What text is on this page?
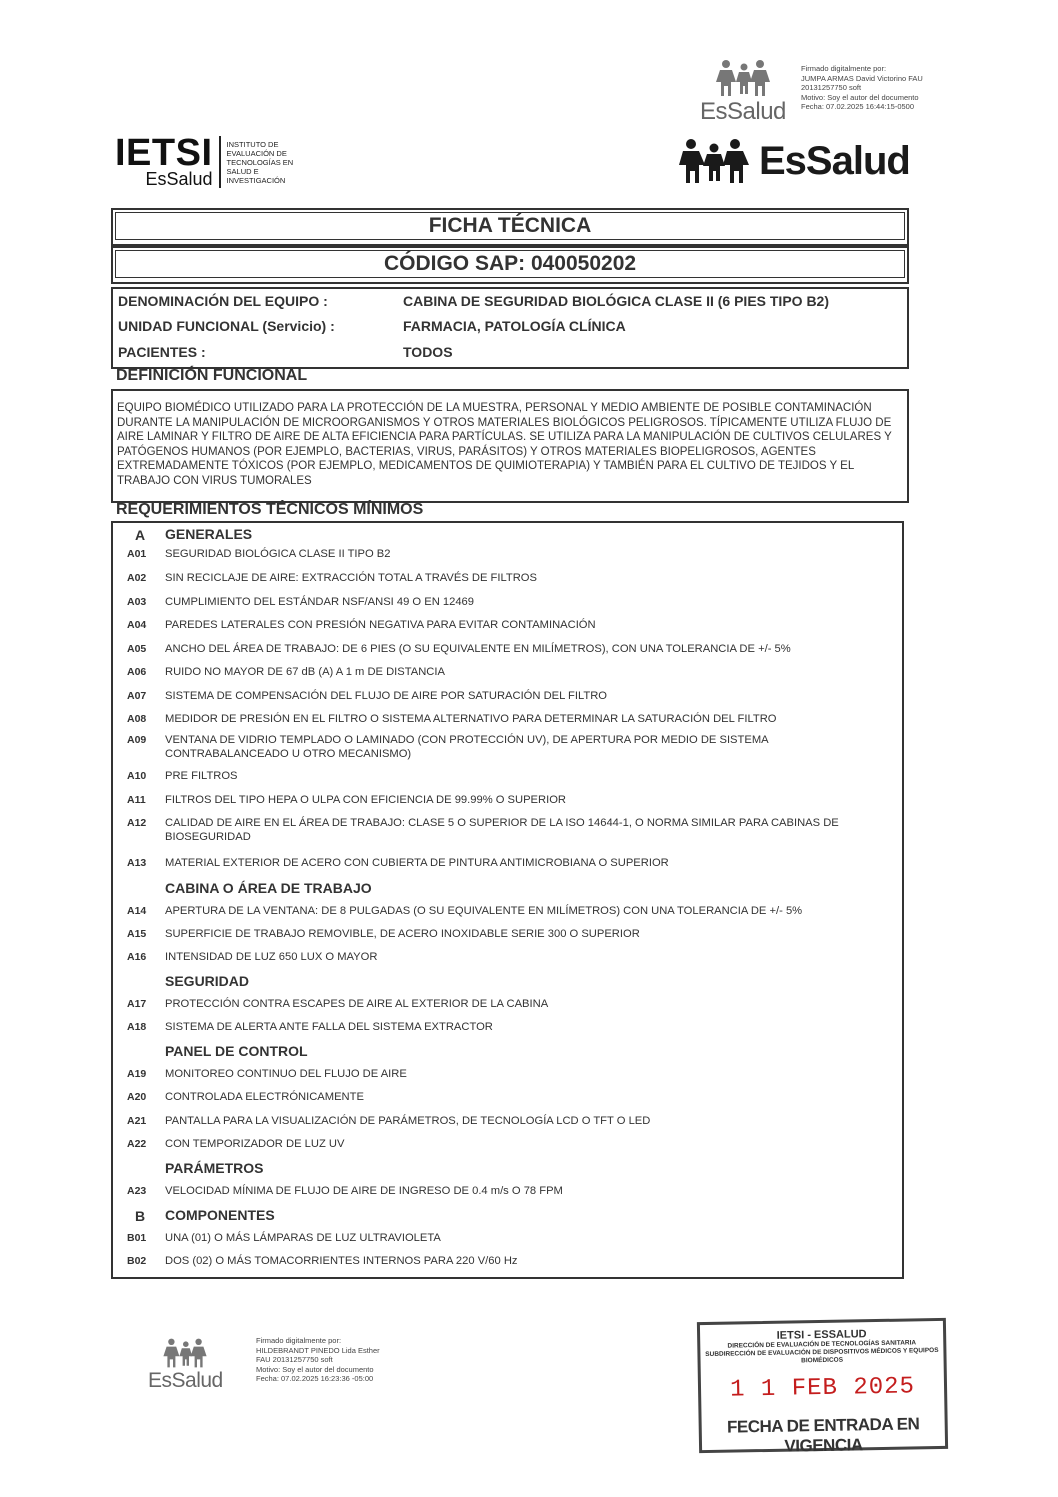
EsSalud
Firmado digitalmente por:
JUMPA ARMAS David Victorino FAU
20131257750 soft
Motivo: Soy el autor del documento
Fecha: 07.02.2025 16:44:15-0500
IETSI
EsSalud
INSTITUTO DE EVALUACIÓN DE TECNOLOGÍAS EN SALUD E INVESTIGACIÓN	EsSalud
FICHA TÉCNICA
CÓDIGO SAP: 040050202
DENOMINACIÓN DEL EQUIPO :	CABINA DE SEGURIDAD BIOLÓGICA CLASE II (6 PIES TIPO B2)
UNIDAD FUNCIONAL (Servicio) :	FARMACIA, PATOLOGÍA CLÍNICA
PACIENTES :	TODOS
DEFINICIÓN FUNCIONAL
EQUIPO BIOMÉDICO UTILIZADO PARA LA PROTECCIÓN DE LA MUESTRA, PERSONAL Y MEDIO AMBIENTE DE POSIBLE CONTAMINACIÓN DURANTE LA MANIPULACIÓN DE MICROORGANISMOS Y OTROS MATERIALES BIOLÓGICOS PELIGROSOS. TÍPICAMENTE UTILIZA FLUJO DE AIRE LAMINAR Y FILTRO DE AIRE DE ALTA EFICIENCIA PARA PARTÍCULAS. SE UTILIZA PARA LA MANIPULACIÓN DE CULTIVOS CELULARES Y PATÓGENOS HUMANOS (POR EJEMPLO, BACTERIAS, VIRUS, PARÁSITOS) Y OTROS MATERIALES BIOPELIGROSOS, AGENTES EXTREMADAMENTE TÓXICOS (POR EJEMPLO, MEDICAMENTOS DE QUIMIOTERAPIA) Y TAMBIÉN PARA EL CULTIVO DE TEJIDOS Y EL TRABAJO CON VIRUS TUMORALES
REQUERIMIENTOS TÉCNICOS MÍNIMOS
A GENERALES
A01	SEGURIDAD BIOLÓGICA CLASE II TIPO B2
A02	SIN RECICLAJE DE AIRE: EXTRACCIÓN TOTAL A TRAVÉS DE FILTROS
A03	CUMPLIMIENTO DEL ESTÁNDAR NSF/ANSI 49 O EN 12469
A04	PAREDES LATERALES CON PRESIÓN NEGATIVA PARA EVITAR CONTAMINACIÓN
A05	ANCHO DEL ÁREA DE TRABAJO: DE 6 PIES (O SU EQUIVALENTE EN MILÍMETROS), CON UNA TOLERANCIA DE +/- 5%
A06	RUIDO NO MAYOR DE 67 dB (A) A 1 m DE DISTANCIA
A07	SISTEMA DE COMPENSACIÓN DEL FLUJO DE AIRE POR SATURACIÓN DEL FILTRO
A08	MEDIDOR DE PRESIÓN EN EL FILTRO O SISTEMA ALTERNATIVO PARA DETERMINAR LA SATURACIÓN DEL FILTRO
A09	VENTANA DE VIDRIO TEMPLADO O LAMINADO (CON PROTECCIÓN UV), DE APERTURA POR MEDIO DE SISTEMA CONTRABALANCEADO U OTRO MECANISMO)
A10	PRE FILTROS
A11	FILTROS DEL TIPO HEPA O ULPA CON EFICIENCIA DE 99.99% O SUPERIOR
A12	CALIDAD DE AIRE EN EL ÁREA DE TRABAJO: CLASE 5 O SUPERIOR DE LA ISO 14644-1, O NORMA SIMILAR PARA CABINAS DE BIOSEGURIDAD
A13	MATERIAL EXTERIOR DE ACERO CON CUBIERTA DE PINTURA ANTIMICROBIANA O SUPERIOR
CABINA O ÁREA DE TRABAJO
A14	APERTURA DE LA VENTANA: DE 8 PULGADAS (O SU EQUIVALENTE EN MILÍMETROS) CON UNA TOLERANCIA DE +/- 5%
A15	SUPERFICIE DE TRABAJO REMOVIBLE, DE ACERO INOXIDABLE SERIE 300 O SUPERIOR
A16	INTENSIDAD DE LUZ 650 LUX O MAYOR
SEGURIDAD
A17	PROTECCIÓN CONTRA ESCAPES DE AIRE AL EXTERIOR DE LA CABINA
A18	SISTEMA DE ALERTA ANTE FALLA DEL SISTEMA EXTRACTOR
PANEL DE CONTROL
A19	MONITOREO CONTINUO DEL FLUJO DE AIRE
A20	CONTROLADA ELECTRÓNICAMENTE
A21	PANTALLA PARA LA VISUALIZACIÓN DE PARÁMETROS, DE TECNOLOGÍA LCD O TFT O LED
A22	CON TEMPORIZADOR DE LUZ UV
PARÁMETROS
A23	VELOCIDAD MÍNIMA DE FLUJO DE AIRE DE INGRESO DE 0.4 m/s O 78 FPM
B COMPONENTES
B01	UNA (01) O MÁS LÁMPARAS DE LUZ ULTRAVIOLETA
B02	DOS (02) O MÁS TOMACORRIENTES INTERNOS PARA 220 V/60 Hz
EsSalud
Firmado digitalmente por:
HILDEBRANDT PINEDO Lida Esther
FAU 20131257750 soft
Motivo: Soy el autor del documento
Fecha: 07.02.2025 16:23:36 -05:00
IETSI - ESSALUD
DIRECCIÓN DE EVALUACIÓN DE TECNOLOGÍAS SANITARIA
SUBDIRECCIÓN DE EVALUACIÓN DE DISPOSITIVOS MÉDICOS Y EQUIPOS BIOMÉDICOS
1 1 FEB 2025
FECHA DE ENTRADA EN VIGENCIA
